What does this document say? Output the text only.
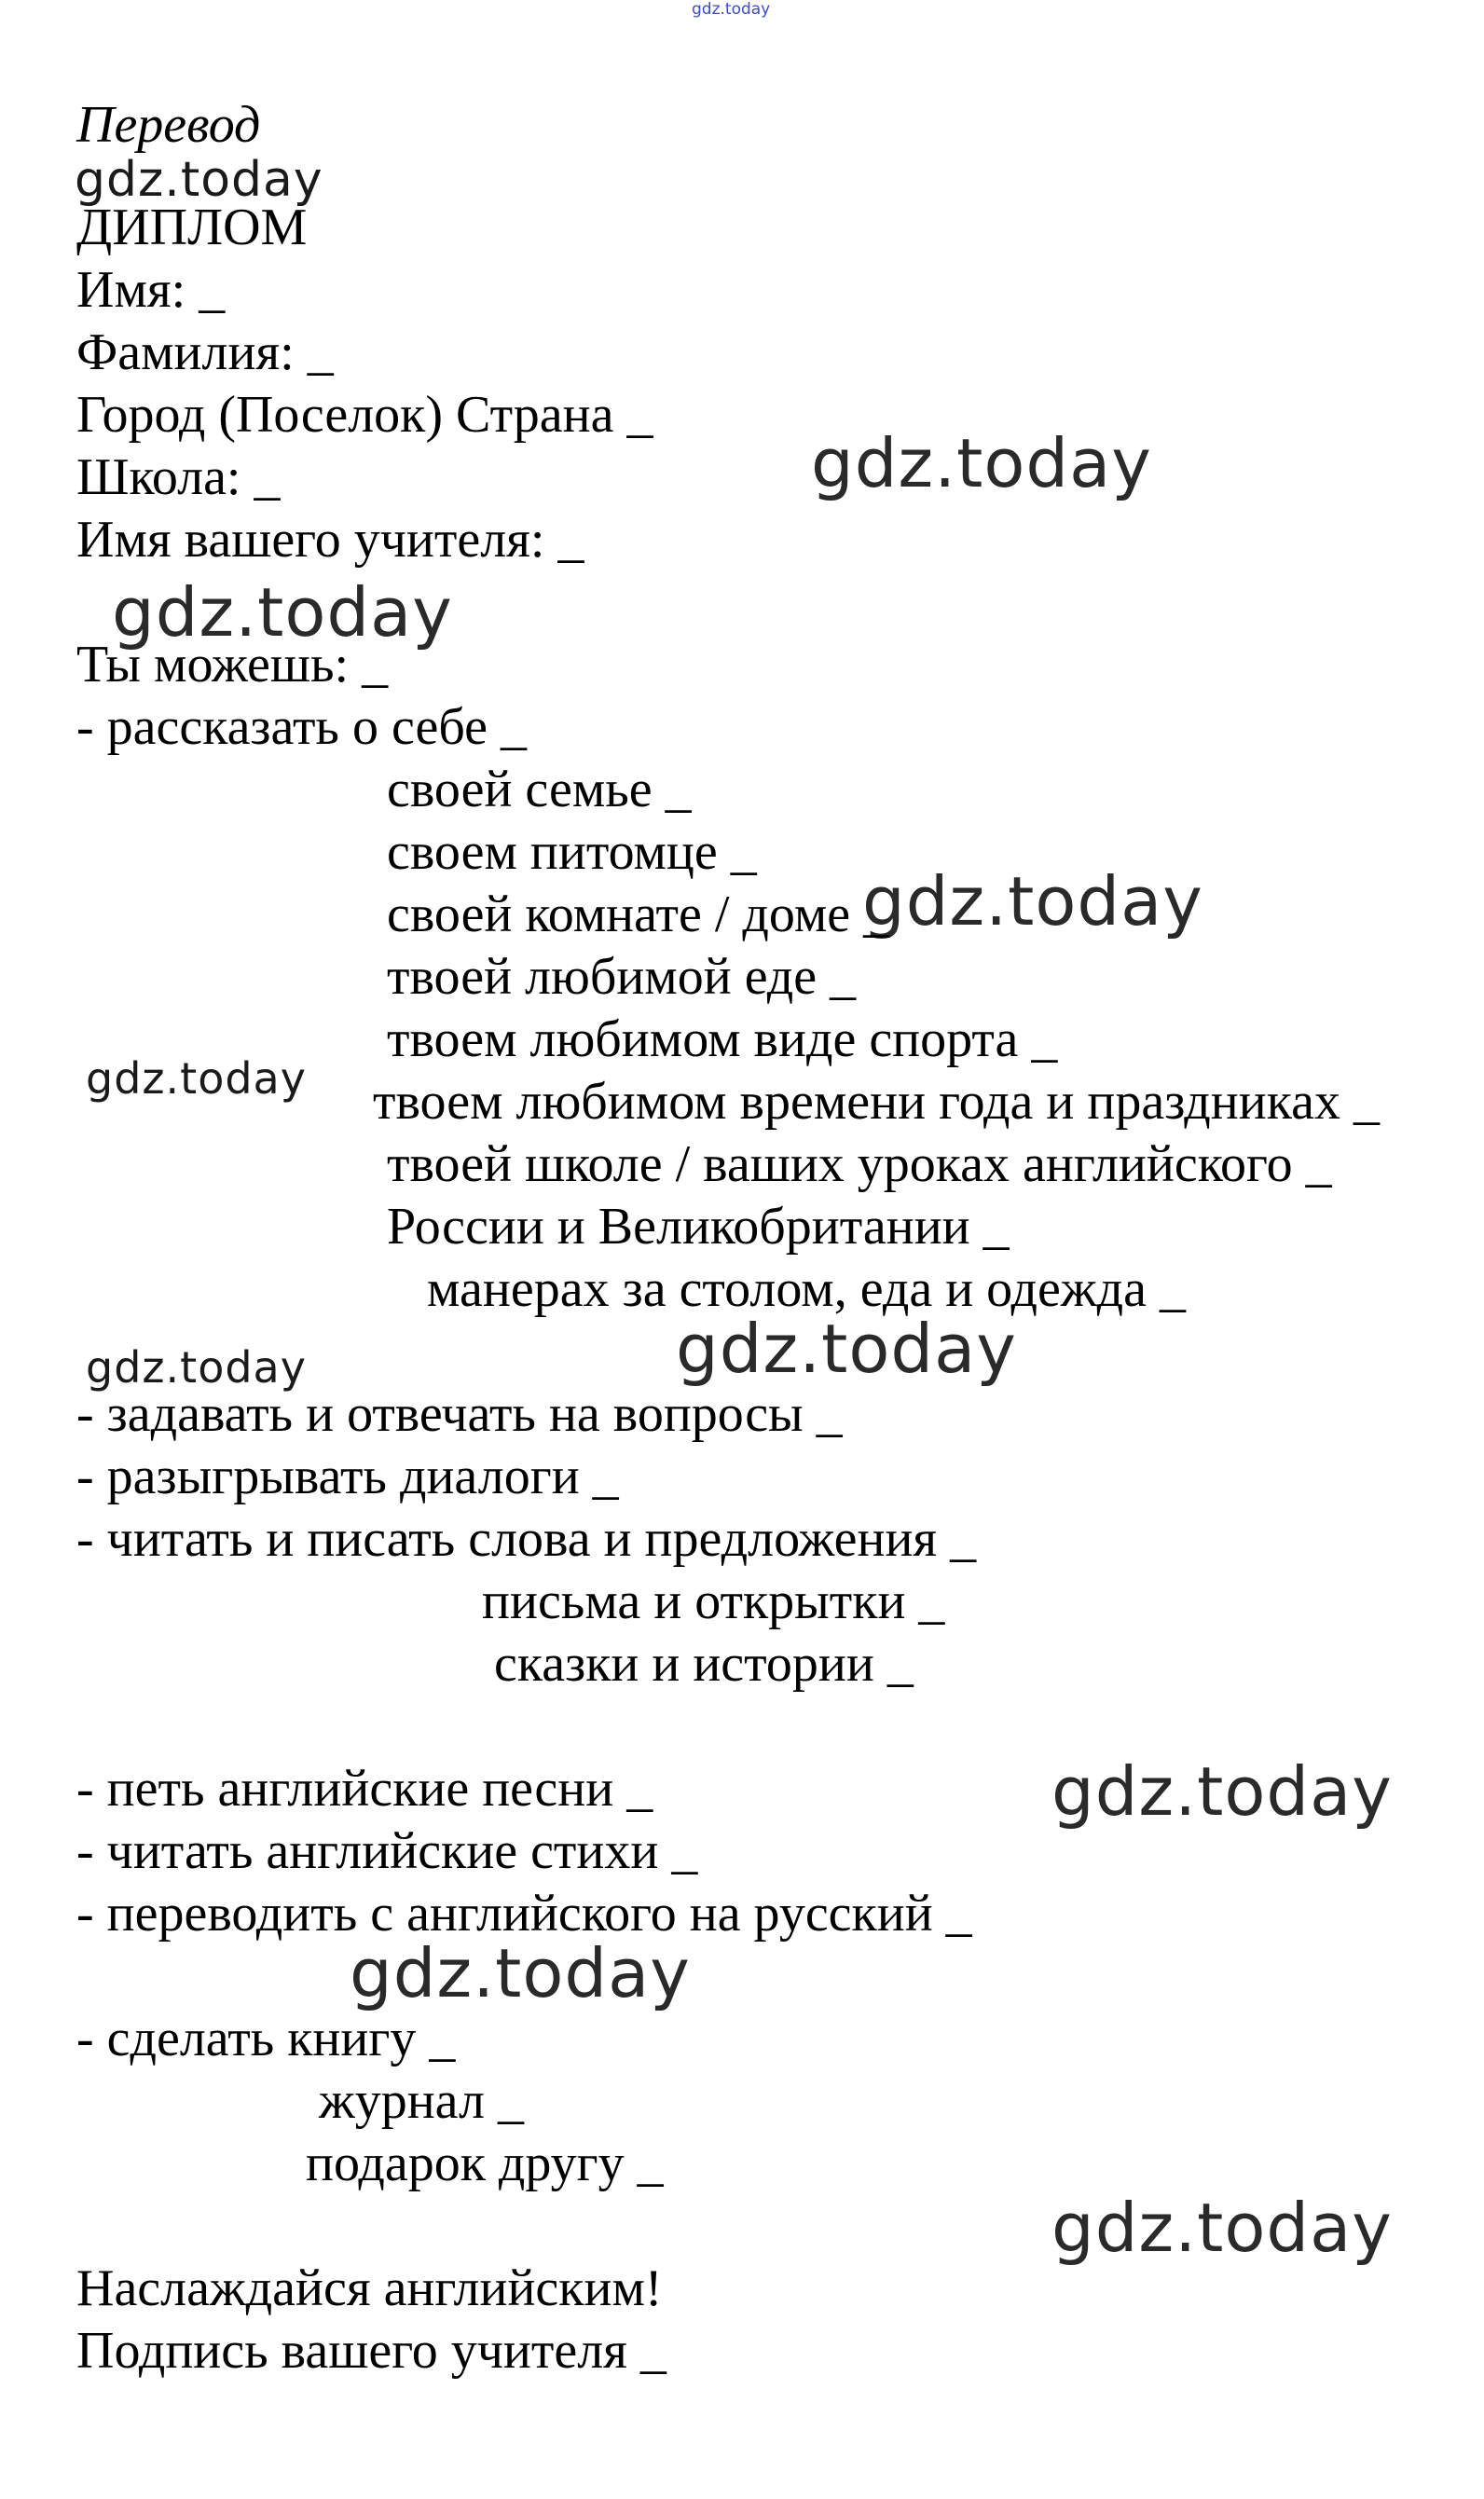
gdz.today
gdz.today
gdz.today
gdz.today
gdz.today
gdz.today
gdz.today
gdz.today
gdz.today
gdz.today
gdz.today

Перевод

ДИПЛОМ

Имя: _

Фамилия: _

Город (Поселок) Страна _

Школа: _

Имя вашего учителя: _

Ты можешь: _

- рассказать о себе _

своей семье _

своем питомце _

своей комнате / доме _

твоей любимой еде _

твоем любимом виде спорта _

твоем любимом времени года и праздниках _

твоей школе / ваших уроках английского _

России и Великобритании _

манерах за столом, еда и одежда _

- задавать и отвечать на вопросы _

- разыгрывать диалоги _

- читать и писать слова и предложения _

письма и открытки _

сказки и истории _

- петь английские песни _

- читать английские стихи _

- переводить с английского на русский _

- сделать книгу _

журнал _

подарок другу _

Наслаждайся английским!

Подпись вашего учителя _
